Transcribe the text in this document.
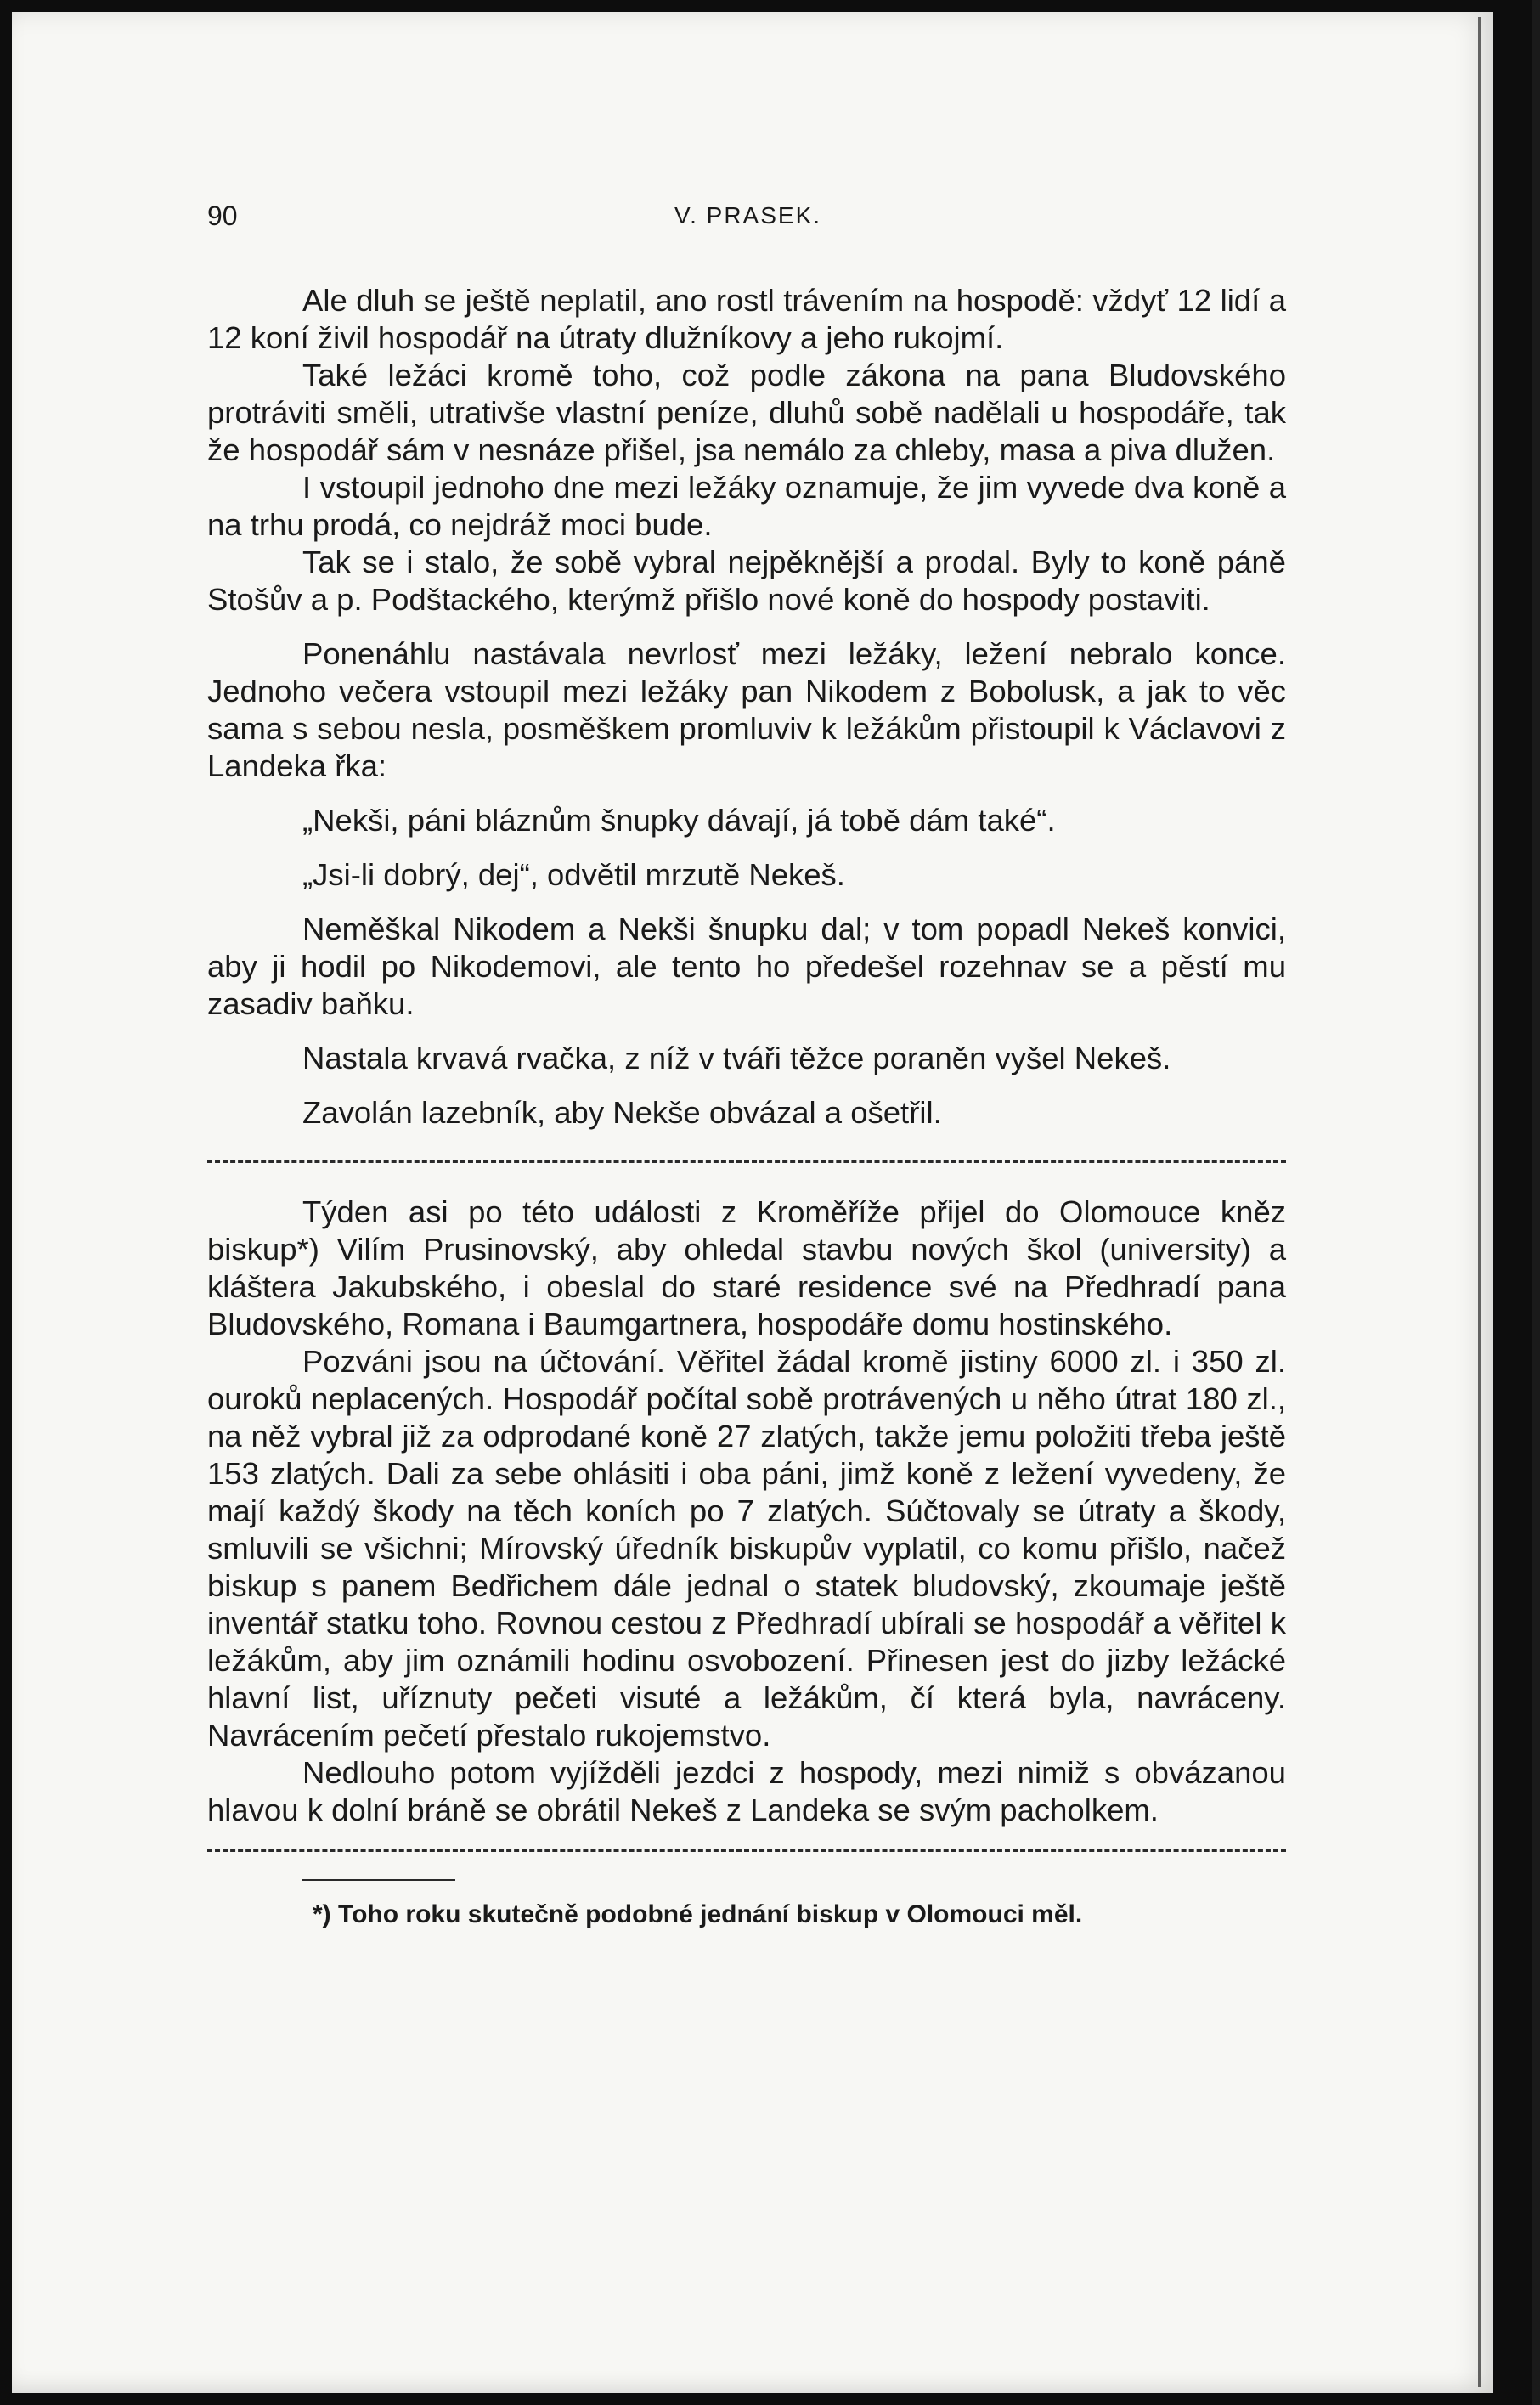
90	V. PRASEK.

Ale dluh se ještě neplatil, ano rostl trávením na hospodě: vždyť 12 lidí a 12 koní živil hospodář na útraty dlužníkovy a jeho rukojmí.

Také ležáci kromě toho, což podle zákona na pana Bludovského protráviti směli, utrativše vlastní peníze, dluhů sobě nadělali u hospodáře, tak že hospodář sám v nesnáze přišel, jsa nemálo za chleby, masa a piva dlužen.

I vstoupil jednoho dne mezi ležáky oznamuje, že jim vyvede dva koně a na trhu prodá, co nejdráž moci bude.

Tak se i stalo, že sobě vybral nejpěknější a prodal. Byly to koně páně Stošův a p. Podštackého, kterýmž přišlo nové koně do hospody postaviti.

Ponenáhlu nastávala nevrlosť mezi ležáky, ležení nebralo konce. Jednoho večera vstoupil mezi ležáky pan Nikodem z Bobolusk, a jak to věc sama s sebou nesla, posměškem promluviv k ležákům přistoupil k Václavovi z Landeka řka:

„Nekši, páni bláznům šnupky dávají, já tobě dám také“.

„Jsi-li dobrý, dej“, odvětil mrzutě Nekeš.

Neměškal Nikodem a Nekši šnupku dal; v tom popadl Nekeš konvici, aby ji hodil po Nikodemovi, ale tento ho předešel rozehnav se a pěstí mu zasadiv baňku.

Nastala krvavá rvačka, z níž v tváři těžce poraněn vyšel Nekeš.

Zavolán lazebník, aby Nekše obvázal a ošetřil.

Týden asi po této události z Kroměříže přijel do Olomouce kněz biskup*) Vilím Prusinovský, aby ohledal stavbu nových škol (university) a kláštera Jakubského, i obeslal do staré residence své na Předhradí pana Bludovského, Romana i Baumgartnera, hospodáře domu hostinského.

Pozváni jsou na účtování. Věřitel žádal kromě jistiny 6000 zl. i 350 zl. ouroků neplacených. Hospodář počítal sobě protrávených u něho útrat 180 zl., na něž vybral již za odprodané koně 27 zlatých, takže jemu položiti třeba ještě 153 zlatých. Dali za sebe ohlásiti i oba páni, jimž koně z ležení vyvedeny, že mají každý škody na těch koních po 7 zlatých. Súčtovaly se útraty a škody, smluvili se všichni; Mírovský úředník biskupův vyplatil, co komu přišlo, načež biskup s panem Bedřichem dále jednal o statek bludovský, zkoumaje ještě inventář statku toho. Rovnou cestou z Předhradí ubírali se hospodář a věřitel k ležákům, aby jim oznámili hodinu osvobození. Přinesen jest do jizby ležácké hlavní list, uříznuty pečeti visuté a ležákům, čí která byla, navráceny. Navrácením pečetí přestalo rukojemstvo.

Nedlouho potom vyjížděli jezdci z hospody, mezi nimiž s obvázanou hlavou k dolní bráně se obrátil Nekeš z Landeka se svým pacholkem.

*) Toho roku skutečně podobné jednání biskup v Olomouci měl.
